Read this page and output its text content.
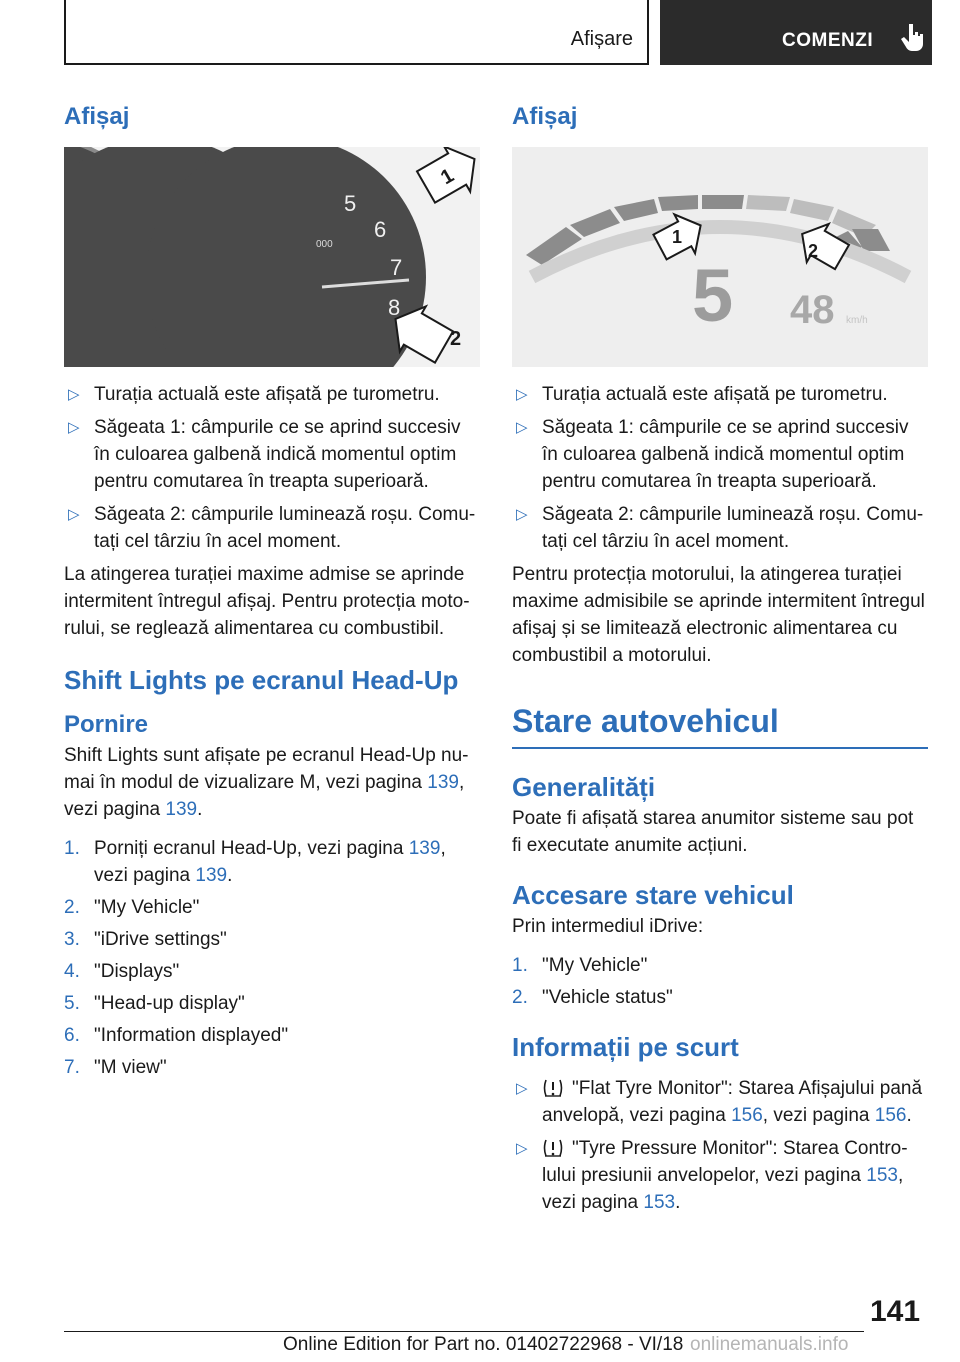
Afișare	COMENZI
Afișaj
5
6
7
8
000
1
2
▷ Turația actuală este afișată pe turometru.
▷ Săgeata 1: câmpurile ce se aprind succesiv în culoarea galbenă indică momentul optim pentru comutarea în treapta superioară.
▷ Săgeata 2: câmpurile luminează roșu. Comu-tați cel târziu în acel moment.

La atingerea turației maxime admise se aprinde intermitent întregul afișaj. Pentru protecția moto-rului, se reglează alimentarea cu combustibil.

Shift Lights pe ecranul Head-Up
Pornire

Shift Lights sunt afișate pe ecranul Head-Up nu-mai în modul de vizualizare M, vezi pagina 139, vezi pagina 139.

1. Porniți ecranul Head-Up, vezi pagina 139, vezi pagina 139.
2. "My Vehicle"
3. "iDrive settings"
4. "Displays"
5. "Head-up display"
6. "Information displayed"
7. "M view"
Afișaj
5 48 km/h
1
2
▷ Turația actuală este afișată pe turometru.
▷ Săgeata 1: câmpurile ce se aprind succesiv în culoarea galbenă indică momentul optim pentru comutarea în treapta superioară.
▷ Săgeata 2: câmpurile luminează roșu. Comu-tați cel târziu în acel moment.

Pentru protecția motorului, la atingerea turației maxime admisibile se aprinde intermitent întregul afișaj și se limitează electronic alimentarea cu combustibil a motorului.

Stare autovehicul
Generalități

Poate fi afișată starea anumitor sisteme sau pot fi executate anumite acțiuni.

Accesare stare vehicul

Prin intermediul iDrive:

1. "My Vehicle"
2. "Vehicle status"
Informații pe scurt
▷ "Flat Tyre Monitor": Starea Afișajului pană anvelopă, vezi pagina 156, vezi pagina 156.
▷ "Tyre Pressure Monitor": Starea Contro-lului presiunii anvelopelor, vezi pagina 153, vezi pagina 153.
141
Online Edition for Part no. 01402722968 - VI/18 onlinemanuals.info
